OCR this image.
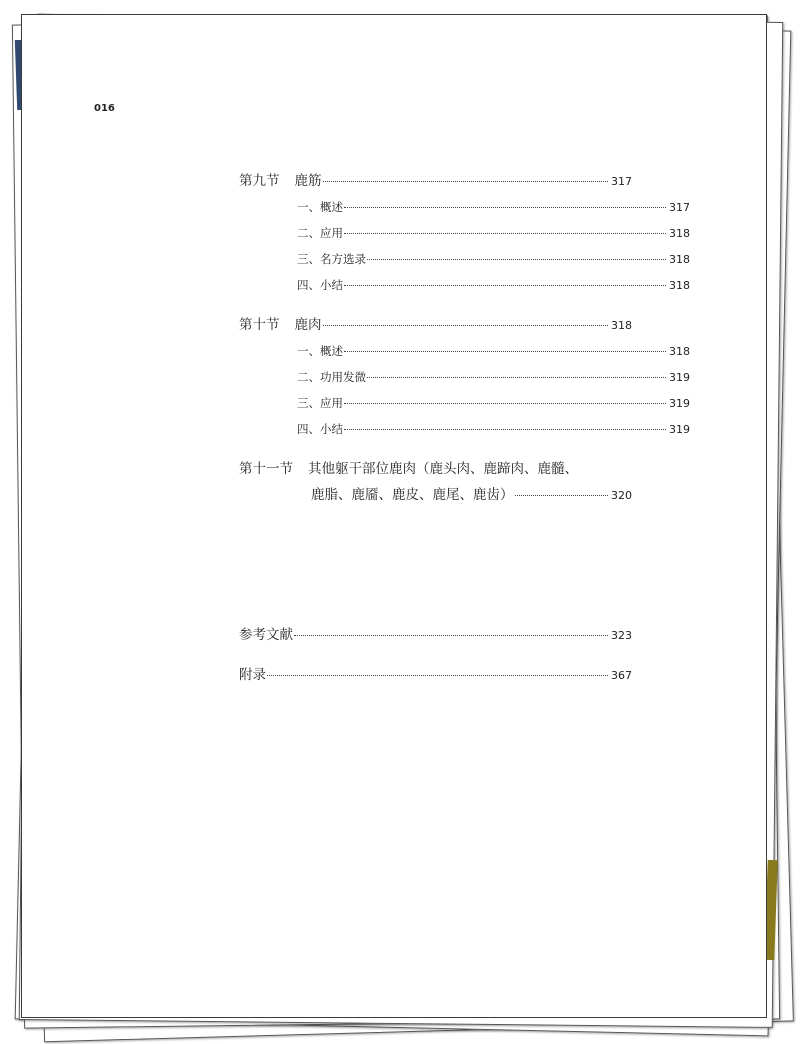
016
第九节 鹿筋	317
一、概述	317
二、应用	318
三、名方选录	318
四、小结	318
第十节 鹿肉	318
一、概述	318
二、功用发微	319
三、应用	319
四、小结	319
第十一节 其他躯干部位鹿肉（鹿头肉、鹿蹄肉、鹿髓、
鹿脂、鹿靥、鹿皮、鹿尾、鹿齿）	320
参考文献	323
附录	367
